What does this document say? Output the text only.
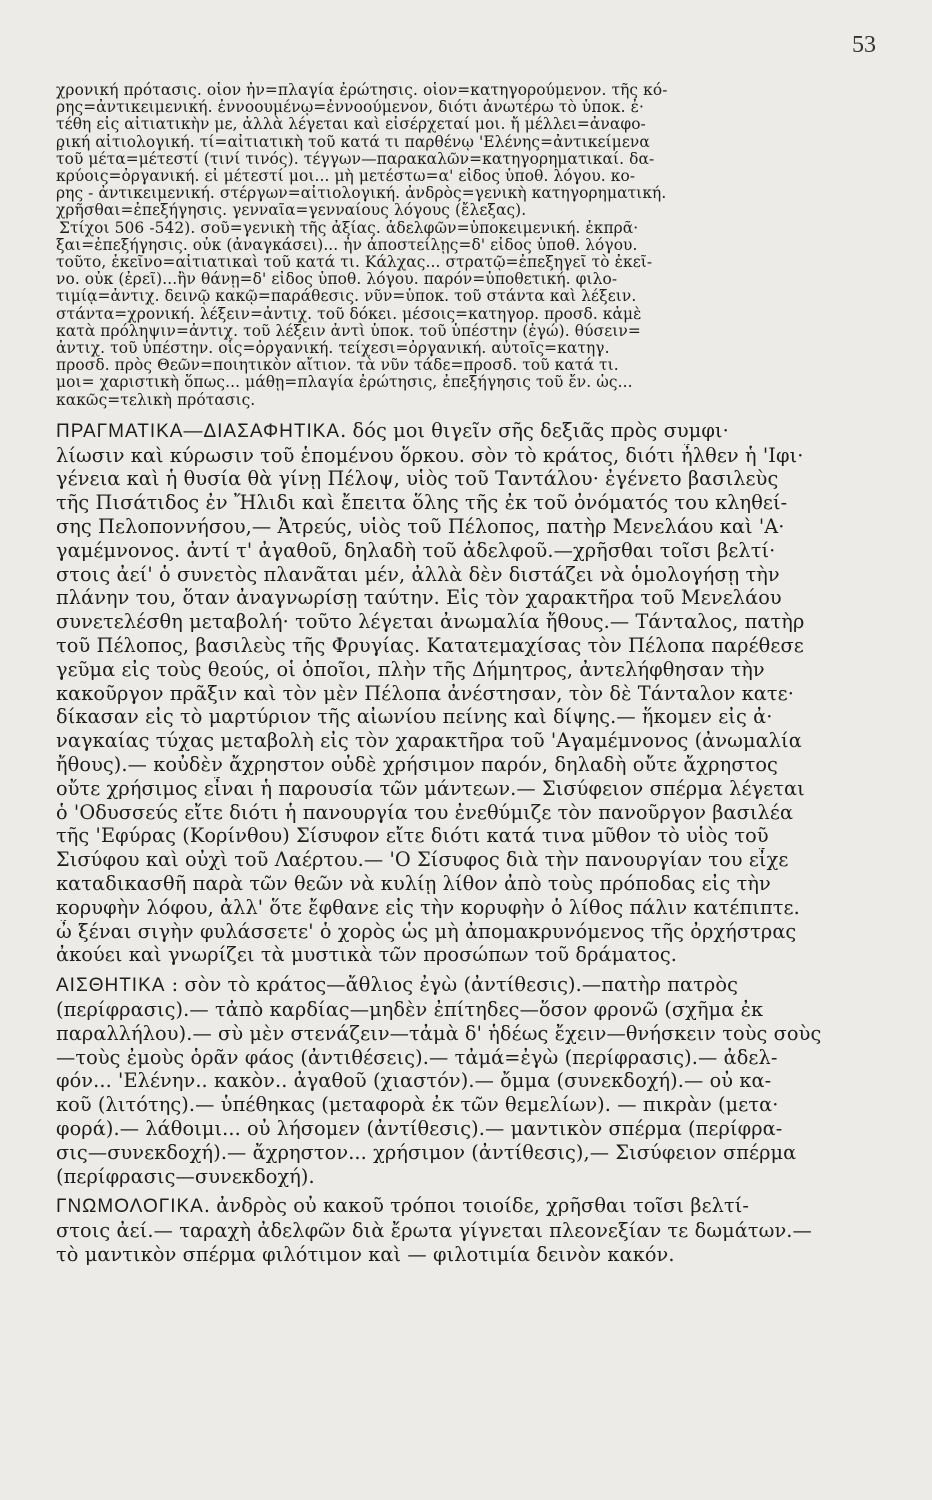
53
χρονική πρότασις. οἷον ἦν=πλαγία ἐρώτησις. οἷον=κατηγορούμενον. τῆς κό-
ρης=ἀντικειμενική. ἐννοουμένῳ=ἐννοούμενον, διότι ἀνωτέρω τὸ ὑποκ. ἐ·
τέθη εἰς αἰτιατικὴν με, ἀλλὰ λέγεται καὶ εἰσέρχεταί μοι. ἤ μέλλει=ἀναφο-
ρ̧ική αἰτιολογική. τί=αἰτιατικὴ τοῦ κατά τι παρθένῳ 'Ελένης=ἀντικείμενα
τοῦ μέτα=μέτεστί (τινί τινός). τέγγων—παρακαλῶν=κατηγορηματικαί. δα-
κρύοις=ὀργανική. εἰ μέτεστί μοι... μὴ μετέστω=α' εἶδος ὑποθ. λόγου. κο-
ρης - ἀντικειμενική. στέργων=αἰτιολογική. ἀνδρὸς=γενικὴ κατηγορηματική.
χρῆσθαι=ἐπεξήγησις. γενναῖα=γενναίους λόγους (ἔλεξας).
Στίχοι 506 -542). σοῦ=γενικὴ τῆς ἀξίας. ἀδελφῶν=ὑποκειμενική. ἐκπρᾶ·
ξαι=ἐπεξήγησις. οὐκ (ἀναγκάσει)... ἦν ἀποστείλῃς=δ' εἶδος ὑποθ. λόγου.
τοῦτο, ἐκεῖνο=αἰτιατικαὶ τοῦ κατά τι. Κάλχας... στρατῷ=ἐπεξηγεῖ τὸ ἐκεῖ-
νο. οὐκ (ἐρεῖ)...ἢν θάνῃ=δ' εἶδος ὑποθ. λόγου. παρόν=ὑποθετική. φιλο-
τιμίᾳ=ἀντιχ. δεινῷ κακῷ=παράθεσις. νῦν=ὑποκ. τοῦ στάντα καὶ λέξειν.
στάντα=χρονική. λέξειν=ἀντιχ. τοῦ δόκει. μέσοις=κατηγορ. προσδ. κἀμὲ
κατὰ πρόληψιν=ἀντιχ. τοῦ λέξειν ἀντὶ ὑποκ. τοῦ ὑπέστην (ἐγώ). θύσειν=
ἀντιχ. τοῦ ὑπέστην. οἷς=ὀργανική. τείχεσι=ὀργανική. αὐτοῖς=κατηγ.
προσδ. πρὸς Θεῶν=ποιητικὸν αἴτιον. τὰ νῦν τάδε=προσδ. τοῦ κατά τι.
μοι= χαριστικὴ ὅπως... μάθῃ=πλαγία ἐρώτησις, ἐπεξήγησις τοῦ ἔν. ὡς...
κακῶς=τελικὴ πρότασις.
ΠΡΑΓΜΑΤΙΚΑ—ΔΙΑΣΑΦΗΤΙΚΑ. δός μοι θιγεῖν σῆς δεξιᾶς πρὸς συμφι·
λίωσιν καὶ κύρωσιν τοῦ ἑπομένου ὅρκου. σὸν τὸ κράτος, διότι ἦλθεν ἡ 'Ιφι·
γένεια καὶ ἡ θυσία θὰ γίνῃ Πέλοψ, υἱὸς τοῦ Ταντάλου· ἐγένετο βασιλεὺς
τῆς Πισάτιδος ἐν Ἤλιδι καὶ ἔπειτα ὅλης τῆς ἐκ τοῦ ὀνόματός του κληθεί-
σης Πελοποννήσου,— Ἀτρεύς, υἱὸς τοῦ Πέλοπος, πατὴρ Μενελάου καὶ 'Α·
γαμέμνονος. ἀντί τ' ἀγαθοῦ, δηλαδὴ τοῦ ἀδελφοῦ.—χρῆσθαι τοῖσι βελτί·
στοις ἀεί' ὁ συνετὸς πλανᾶται μέν, ἀλλὰ δὲν διστάζει νὰ ὁμολογήσῃ τὴν
πλάνην του, ὅταν ἀναγνωρίσῃ ταύτην. Εἰς τὸν χαρακτῆρα τοῦ Μενελάου
συνετελέσθη μεταβολή· τοῦτο λέγεται ἀνωμαλία ἤθους.— Τάνταλος, πατὴρ
τοῦ Πέλοπος, βασιλεὺς τῆς Φρυγίας. Κατατεμαχίσας τὸν Πέλοπα παρέθεσε
γεῦμα εἰς τοὺς θεούς, οἱ ὁποῖοι, πλὴν τῆς Δήμητρος, ἀντελήφθησαν τὴν
κακοῦργον πρᾶξιν καὶ τὸν μὲν Πέλοπα ἀνέστησαν, τὸν δὲ Τάνταλον κατε·
δίκασαν εἰς τὸ μαρτύριον τῆς αἰωνίου πείνης καὶ δίψης.— ἥκομεν εἰς ἀ·
ναγκαίας τύχας μεταβολὴ εἰς τὸν χαρακτῆρα τοῦ 'Αγαμέμνονος (ἀνωμαλία
ἤθους).— κοὐδὲν ἄχρηστον οὐδὲ χρήσιμον παρόν, δηλαδὴ οὔτε ἄχρηστος
οὔτε χρήσιμος εἶναι ἡ παρουσία τῶν μάντεων.— Σισύφειον σπέρμα λέγεται
ὁ 'Οδυσσεύς εἴτε διότι ἡ πανουργία του ἐνεθύμιζε τὸν πανοῦργον βασιλέα
τῆς 'Εφύρας (Κορίνθου) Σίσυφον εἴτε διότι κατά τινα μῦθον τὸ υἱὸς τοῦ
Σισύφου καὶ οὐχὶ τοῦ Λαέρτου.— 'Ο Σίσυφος διὰ τὴν πανουργίαν του εἶχε
καταδικασθῆ παρὰ τῶν θεῶν νὰ κυλίῃ λίθον ἀπὸ τοὺς πρόποδας εἰς τὴν
κορυφὴν λόφου, ἀλλ' ὅτε ἔφθανε εἰς τὴν κορυφὴν ὁ λίθος πάλιν κατέπιπτε.
ὦ ξέναι σιγὴν φυλάσσετε' ὁ χορὸς ὡς μὴ ἀπομακρυνόμενος τῆς ὀρχήστρας
ἀκούει καὶ γνωρίζει τὰ μυστικὰ τῶν προσώπων τοῦ δράματος.
ΑΙΣΘΗΤΙΚΑ : σὸν τὸ κράτος—ἄθλιος ἐγὼ (ἀντίθεσις).—πατὴρ πατρὸς
(περίφρασις).— τἀπὸ καρδίας—μηδὲν ἐπίτηδες—ὅσον φρονῶ (σχῆμα ἐκ
παραλλήλου).— σὺ μὲν στενάζειν—τἀμὰ δ' ἡδέως ἔχειν—θνήσκειν τοὺς σοὺς
—τοὺς ἐμοὺς ὁρᾶν φάος (ἀντιθέσεις).— τἀμά=ἐγὼ (περίφρασις).— ἀδελ-
φόν... 'Ελένην.. κακὸν.. ἀγαθοῦ (χιαστόν).— ὄμμα (συνεκδοχή).— οὐ κα-
κοῦ (λιτότης).— ὑπέθηκας (μεταφορὰ ἐκ τῶν θεμελίων). — πικρὰν (μετα·
φορά).— λάθοιμι... οὐ λήσομεν (ἀντίθεσις).— μαντικὸν σπέρμα (περίφρα-
σις—συνεκδοχή).— ἄχρηστον... χρήσιμον (ἀντίθεσις),— Σισύφειον σπέρμα
(περίφρασις—συνεκδοχή).
ΓΝΩΜΟΛΟΓΙΚΑ. ἀνδρὸς οὐ κακοῦ τρόποι τοιοίδε, χρῆσθαι τοῖσι βελτί-
στοις ἀεί.— ταραχὴ ἀδελφῶν διὰ ἔρωτα γίγνεται πλεονεξίαν τε δωμάτων.—
τὸ μαντικὸν σπέρμα φιλότιμον καὶ — φιλοτιμία δεινὸν κακόν.
